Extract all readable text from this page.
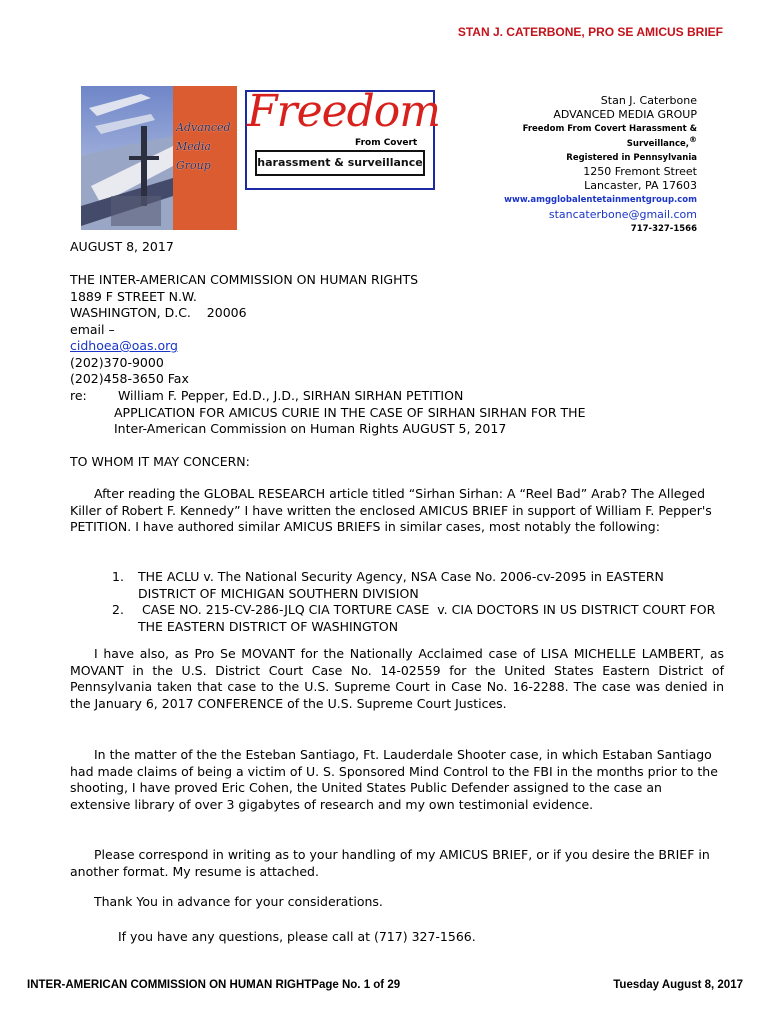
STAN J. CATERBONE, PRO SE AMICUS BRIEF
Advanced
Media
Group
Freedom
From Covert
harassment & surveillance
Stan J. Caterbone
ADVANCED MEDIA GROUP
Freedom From Covert Harassment &
Surveillance,®
Registered in Pennsylvania
1250 Fremont Street
Lancaster, PA 17603
www.amgglobalentetainmentgroup.com
stancaterbone@gmail.com
717-327-1566
AUGUST 8, 2017
THE INTER-AMERICAN COMMISSION ON HUMAN RIGHTS
1889 F STREET N.W.
WASHINGTON, D.C.    20006
email –
cidhoea@oas.org
(202)370-9000
(202)458-3650 Fax
re:	William F. Pepper, Ed.D., J.D., SIRHAN SIRHAN PETITION
APPLICATION FOR AMICUS CURIE IN THE CASE OF SIRHAN SIRHAN FOR THE
Inter-American Commission on Human Rights AUGUST 5, 2017
TO WHOM IT MAY CONCERN:
After reading the GLOBAL RESEARCH article titled “Sirhan Sirhan: A “Reel Bad” Arab? The Alleged Killer of Robert F. Kennedy” I have written the enclosed AMICUS BRIEF in support of William F. Pepper's PETITION. I have authored similar AMICUS BRIEFS in similar cases, most notably the following:
1.	THE ACLU v. The National Security Agency, NSA Case No. 2006-cv-2095 in EASTERN DISTRICT OF MICHIGAN SOUTHERN DIVISION
2.	CASE NO. 215-CV-286-JLQ CIA TORTURE CASE  v. CIA DOCTORS IN US DISTRICT COURT FOR THE EASTERN DISTRICT OF WASHINGTON
I have also, as Pro Se MOVANT for the Nationally Acclaimed case of LISA MICHELLE LAMBERT, as MOVANT in the U.S. District Court Case No. 14-02559 for the United States Eastern District of Pennsylvania taken that case to the U.S. Supreme Court in Case No. 16-2288. The case was denied in the January 6, 2017 CONFERENCE of the U.S. Supreme Court Justices.
In the matter of the the Esteban Santiago, Ft. Lauderdale Shooter case, in which Estaban Santiago had made claims of being a victim of U. S. Sponsored Mind Control to the FBI in the months prior to the shooting, I have proved Eric Cohen, the United States Public Defender assigned to the case an extensive library of over 3 gigabytes of research and my own testimonial evidence.
Please correspond in writing as to your handling of my AMICUS BRIEF, or if you desire the BRIEF in another format. My resume is attached.
Thank You in advance for your considerations.
If you have any questions, please call at (717) 327-1566.
INTER-AMERICAN COMMISSION ON HUMAN RIGHTPage No. 1 of 29	Tuesday August 8, 2017
